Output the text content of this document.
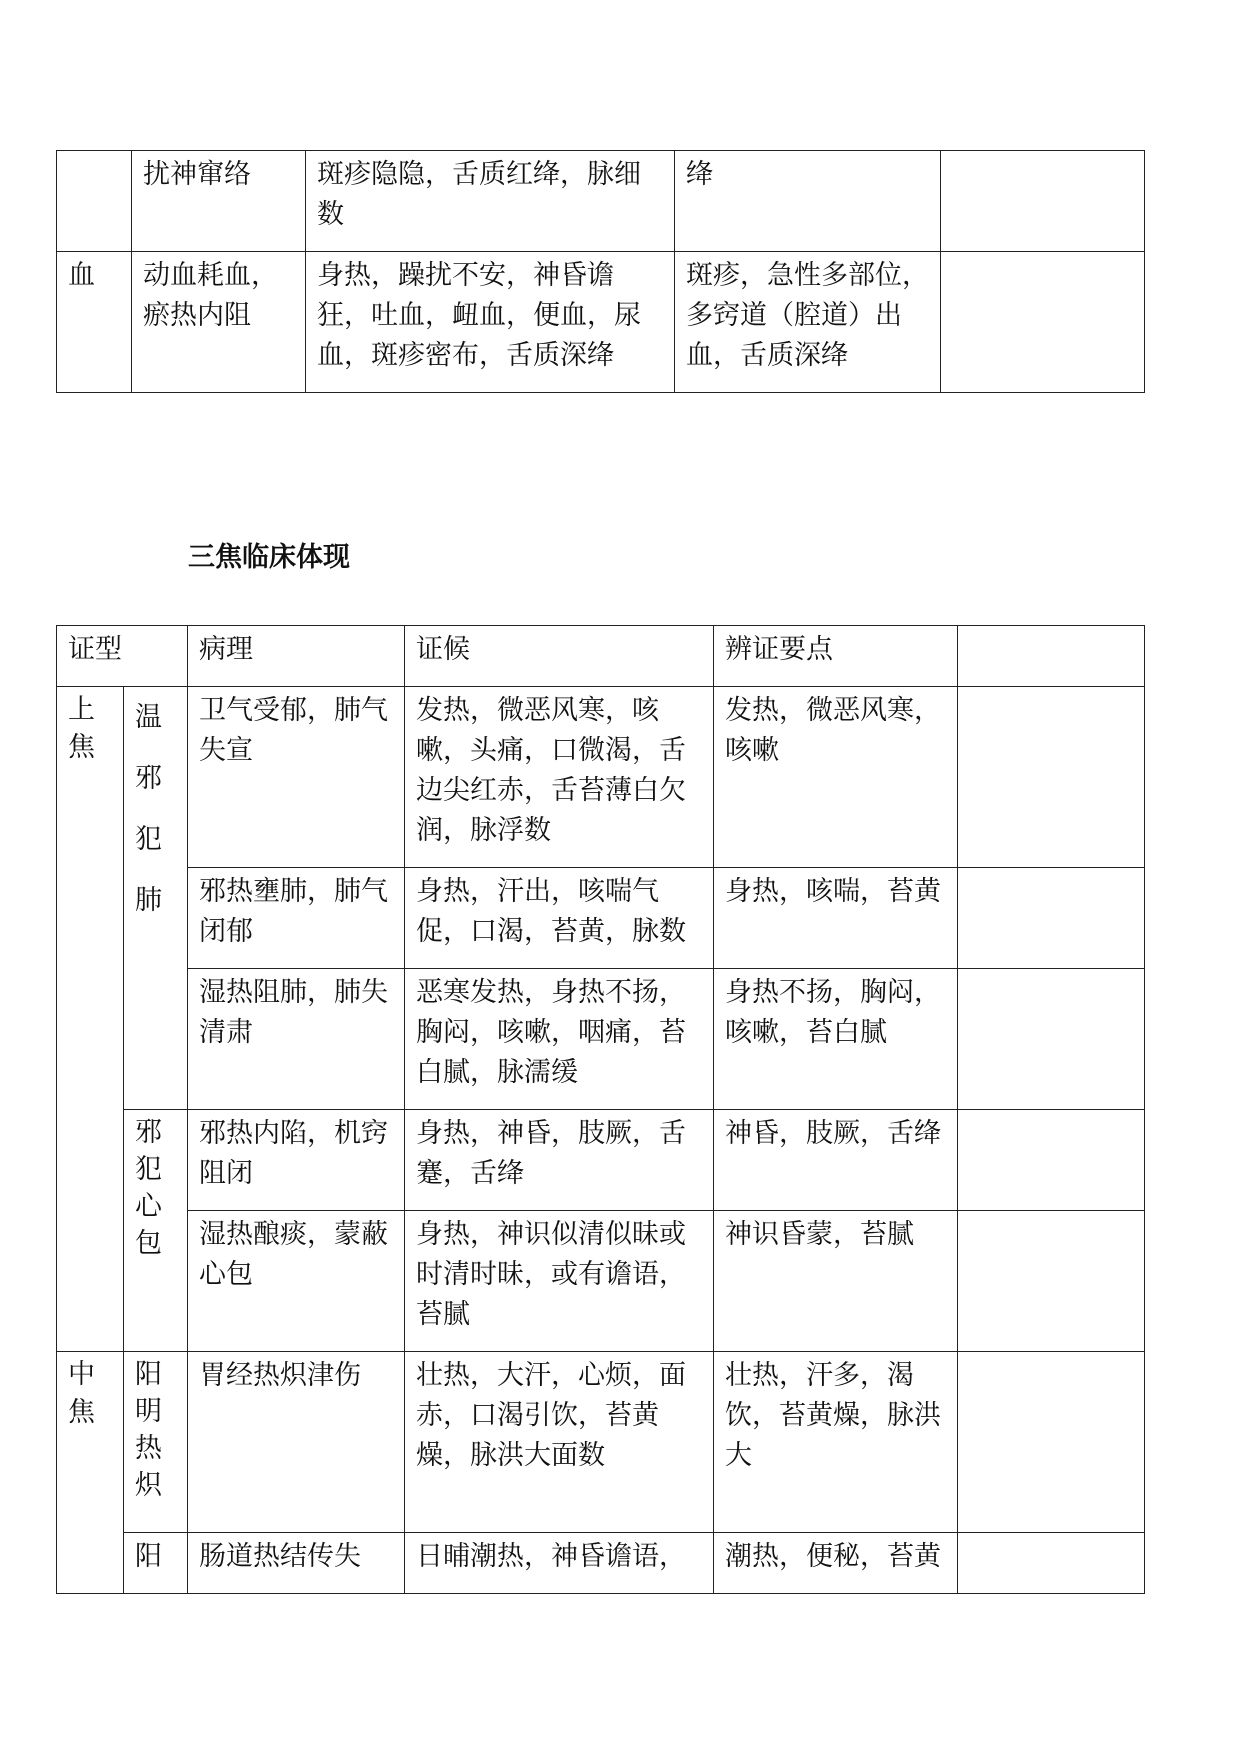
	扰神窜络	斑疹隐隐，舌质红绛，脉细数	绛	
血	动血耗血，瘀热内阻	身热，躁扰不安，神昏谵狂，吐血，衄血，便血，尿血，斑疹密布，舌质深绛	斑疹，急性多部位，多窍道（腔道）出血，舌质深绛	
三焦临床体现
证型		病理	证候	辨证要点	
上焦	温邪犯肺	卫气受郁，肺气失宣	发热，微恶风寒，咳嗽，头痛，口微渴，舌边尖红赤，舌苔薄白欠润，脉浮数	发热，微恶风寒，咳嗽	
		邪热壅肺，肺气闭郁	身热，汗出，咳喘气促，口渴，苔黄，脉数	身热，咳喘，苔黄	
		湿热阻肺，肺失清肃	恶寒发热，身热不扬，胸闷，咳嗽，咽痛，苔白腻，脉濡缓	身热不扬，胸闷，咳嗽，苔白腻	
	邪犯心包	邪热内陷，机窍阻闭	身热，神昏，肢厥，舌蹇，舌绛	神昏，肢厥，舌绛	
		湿热酿痰，蒙蔽心包	身热，神识似清似昧或时清时昧，或有谵语，苔腻	神识昏蒙，苔腻	
中焦	阳明热炽	胃经热炽津伤	壮热，大汗，心烦，面赤，口渴引饮，苔黄燥，脉洪大面数	壮热，汗多，渴饮，苔黄燥，脉洪大	
	阳	肠道热结传失	日晡潮热，神昏谵语，	潮热，便秘，苔黄	
